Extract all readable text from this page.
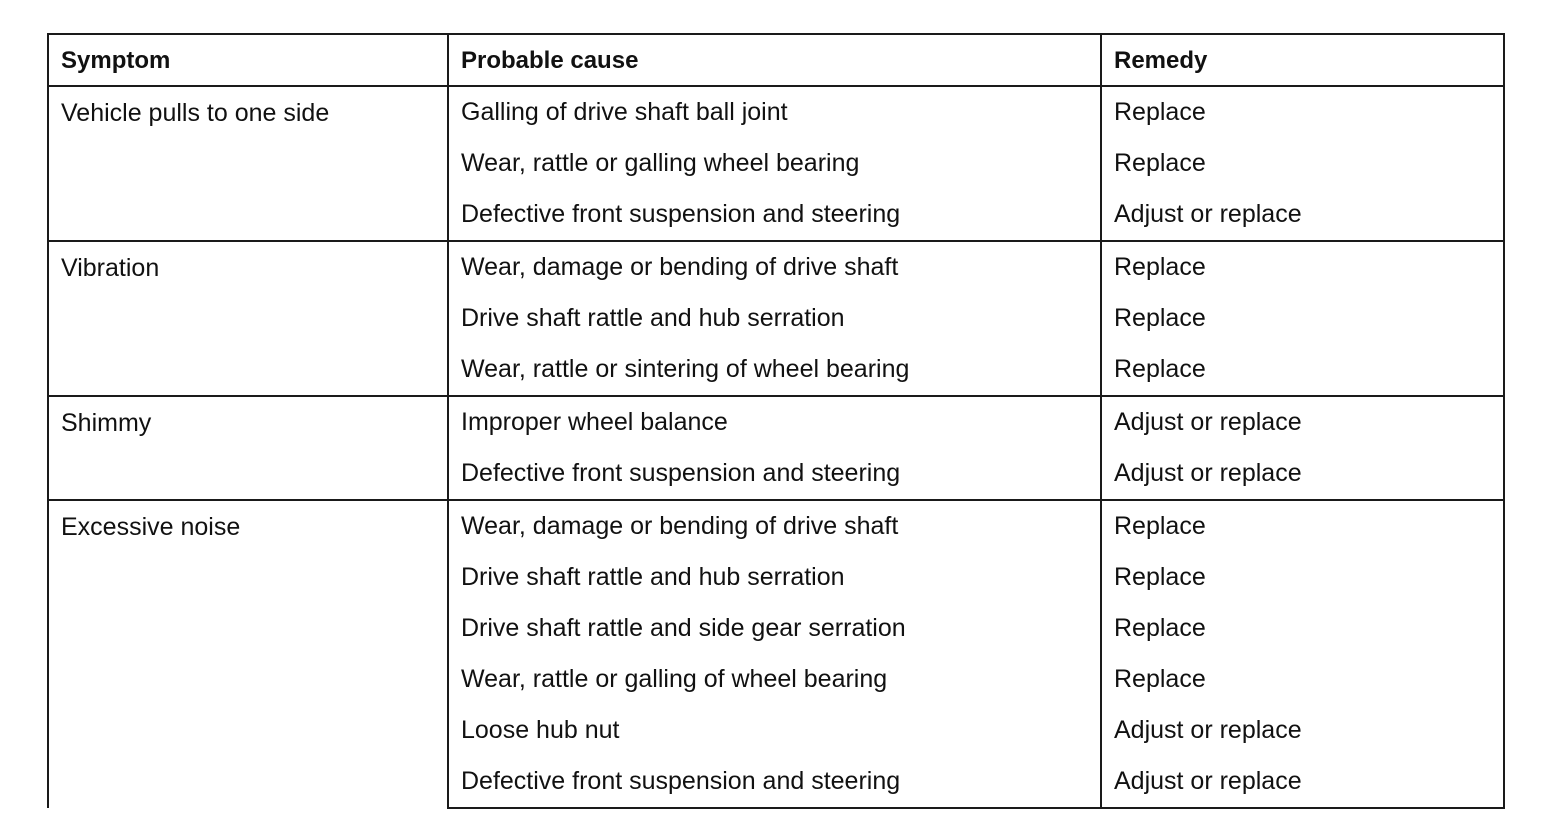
Symptom	Probable cause	Remedy
Vehicle pulls to one side	Galling of drive shaft ball joint	Replace
	Wear, rattle or galling wheel bearing	Replace
	Defective front suspension and steering	Adjust or replace
Vibration	Wear, damage or bending of drive shaft	Replace
	Drive shaft rattle and hub serration	Replace
	Wear, rattle or sintering of wheel bearing	Replace
Shimmy	Improper wheel balance	Adjust or replace
	Defective front suspension and steering	Adjust or replace
Excessive noise	Wear, damage or bending of drive shaft	Replace
	Drive shaft rattle and hub serration	Replace
	Drive shaft rattle and side gear serration	Replace
	Wear, rattle or galling of wheel bearing	Replace
	Loose hub nut	Adjust or replace
	Defective front suspension and steering	Adjust or replace
